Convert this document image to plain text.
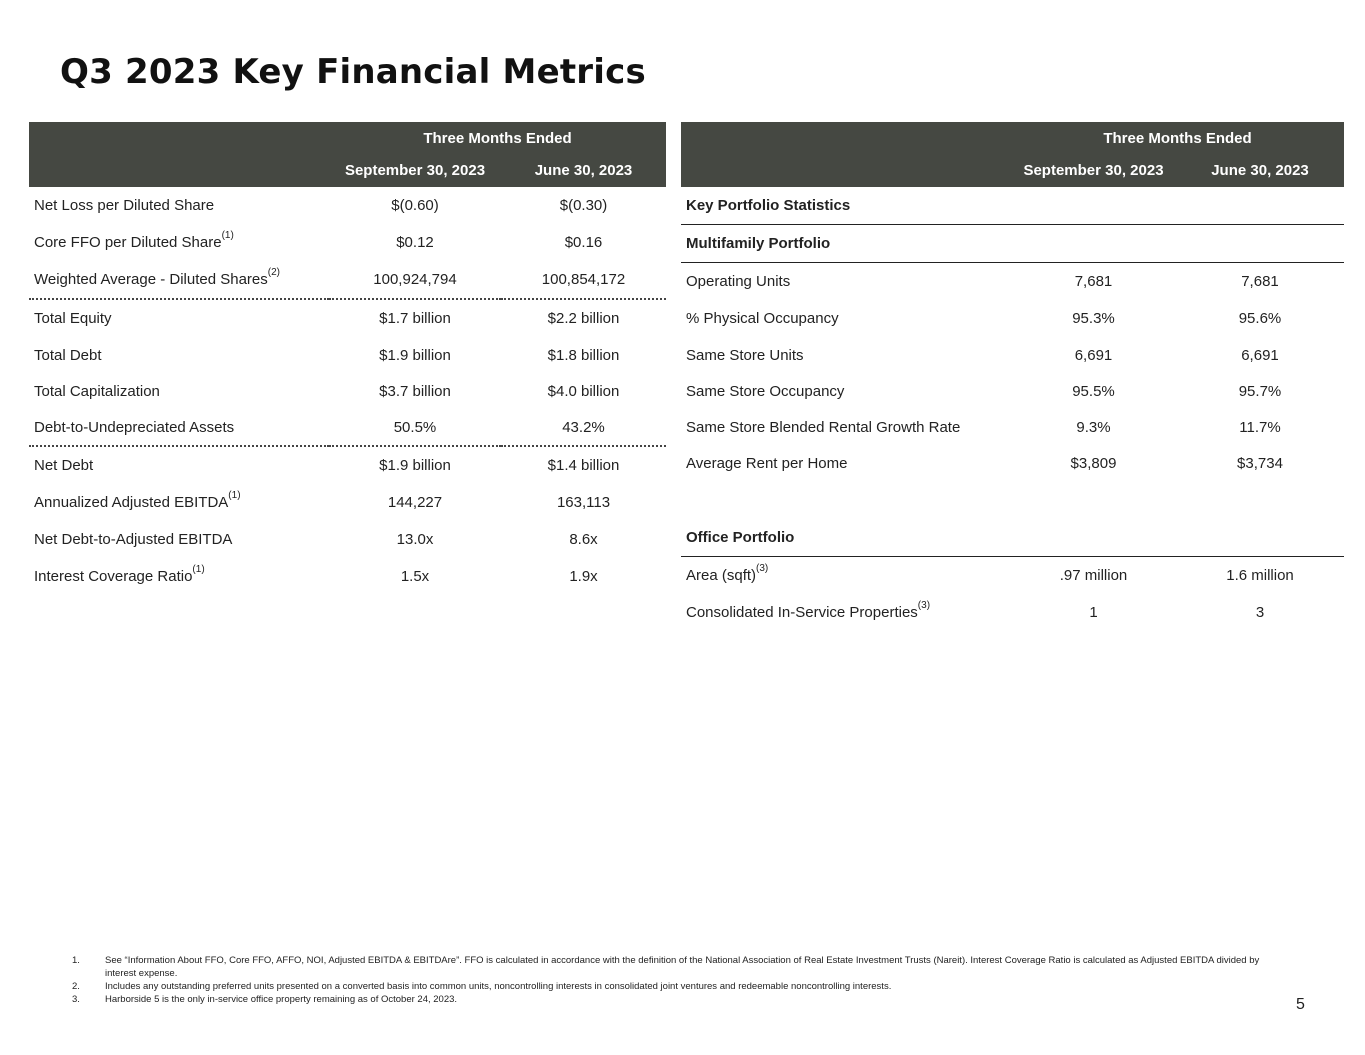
Q3 2023 Key Financial Metrics
	Three Months Ended	
	September 30, 2023	June 30, 2023
Net Loss per Diluted Share	$(0.60)	$(0.30)
Core FFO per Diluted Share$^{(1)}$	$0.12	$0.16
Weighted Average - Diluted Shares$^{(2)}$	100,924,794	100,854,172
Total Equity	$1.7 billion	$2.2 billion
Total Debt	$1.9 billion	$1.8 billion
Total Capitalization	$3.7 billion	$4.0 billion
Debt-to-Undepreciated Assets	50.5%	43.2%
Net Debt	$1.9 billion	$1.4 billion
Annualized Adjusted EBITDA$^{(1)}$	144,227	163,113
Net Debt-to-Adjusted EBITDA	13.0x	8.6x
Interest Coverage Ratio$^{(1)}$	1.5x	1.9x
	Three Months Ended	
	September 30, 2023	June 30, 2023
Key Portfolio Statistics		
Multifamily Portfolio		
Operating Units	7,681	7,681
% Physical Occupancy	95.3%	95.6%
Same Store Units	6,691	6,691
Same Store Occupancy	95.5%	95.7%
Same Store Blended Rental Growth Rate	9.3%	11.7%
Average Rent per Home	$3,809	$3,734

Office Portfolio		
Area (sqft)$^{(3)}$	.97 million	1.6 million
Consolidated In-Service Properties$^{(3)}$	1	3
1.	See “Information About FFO, Core FFO, AFFO, NOI, Adjusted EBITDA & EBITDAre”. FFO is calculated in accordance with the definition of the National Association of Real Estate Investment Trusts (Nareit). Interest Coverage Ratio is calculated as Adjusted EBITDA divided by interest expense.
2.	Includes any outstanding preferred units presented on a converted basis into common units, noncontrolling interests in consolidated joint ventures and redeemable noncontrolling interests.
3.	Harborside 5 is the only in-service office property remaining as of October 24, 2023.	5
